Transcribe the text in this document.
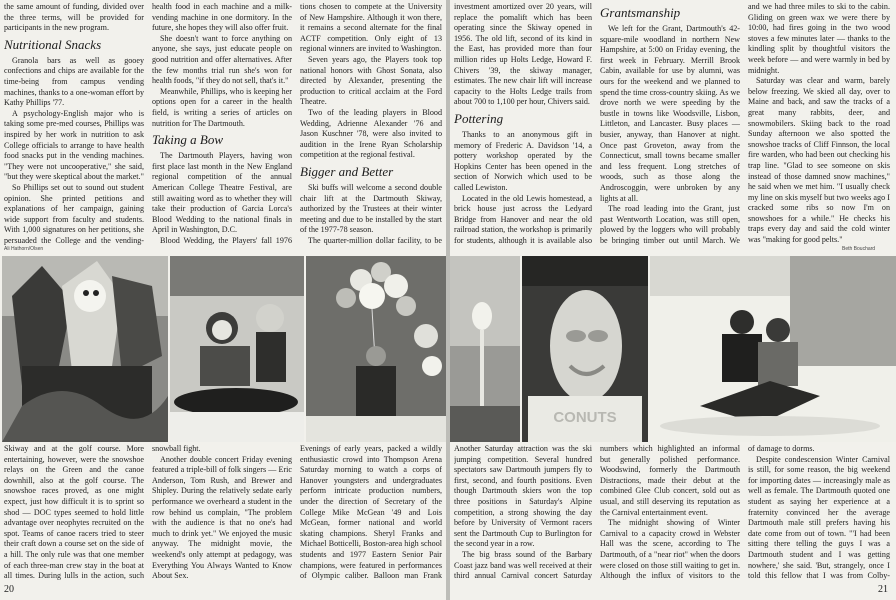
the same amount of funding, divided over the three terms, will be provided for participants in the new program.

Nutritional Snacks

Granola bars as well as gooey confections and chips are available for the time-being from campus vending machines, thanks to a one-woman effort by Kathy Phillips '77.

A psychology-English major who is taking some pre-med courses, Phillips was inspired by her work in nutrition to ask College officials to arrange to have health food snacks put in the vending machines. "They were not uncooperative," she said, "but they were skeptical about the market."

So Phillips set out to sound out student opinion. She printed petitions and explanations of her campaign, gaining wide support from faculty and students. With 1,000 signatures on her petitions, she persuaded the College and the vending-

health food in each machine and a milk-vending machine in one dormitory. In the future, she hopes they will also offer fruit.

She doesn't want to force anything on anyone, she says, just educate people on good nutrition and offer alternatives. After the few months trial run she's won for health foods, "if they do not sell, that's it."

Meanwhile, Phillips, who is keeping her options open for a career in the health field, is writing a series of articles on nutrition for The Dartmouth.

Taking a Bow

The Dartmouth Players, having won first place last month in the New England regional competition of the annual American College Theatre Festival, are still awaiting word as to whether they will take their production of Garcia Lorca's Blood Wedding to the national finals in April in Washington, D.C.

Blood Wedding, the Players' fall 1976

tions chosen to compete at the University of New Hampshire. Although it won there, it remains a second alternate for the final ACTF competition. Only eight of 13 regional winners are invited to Washington.

Seven years ago, the Players took top national honors with Ghost Sonata, also directed by Alexander, presenting the production to critical acclaim at the Ford Theatre.

Two of the leading players in Blood Wedding, Adrienne Alexander '76 and Jason Kuschner '78, were also invited to audition in the Irene Ryan Scholarship competition at the regional festival.

Bigger and Better

Ski buffs will welcome a second double chair lift at the Dartmouth Skiway, authorized by the Trustees at their winter meeting and due to be installed by the start of the 1977-78 season.

The quarter-million dollar facility, to be

Ali Hathorn/Olsen

Skiway and at the golf course. More entertaining, however, were the snowshoe relays on the Green and the canoe downhill, also at the golf course. The snowshoe races proved, as one might expect, just how difficult it is to sprint so shod — DOC types seemed to hold little advantage over neophytes recruited on the spot. Teams of canoe racers tried to steer their craft down a course set on the side of a hill. The only rule was that one member of each three-man crew stay in the boat at all times. During lulls in the action, such

snowball fight.

Another double concert Friday evening featured a triple-bill of folk singers — Eric Anderson, Tom Rush, and Brewer and Shipley. During the relatively sedate early performance we overheard a student in the row behind us complain, "The problem with the audience is that no one's had much to drink yet." We enjoyed the music anyway. The midnight movie, the weekend's only attempt at pedagogy, was Everything You Always Wanted to Know About Sex.

Evenings of early years, packed a wildly enthusiastic crowd into Thompson Arena Saturday morning to watch a corps of Hanover youngsters and undergraduates perform intricate production numbers, under the direction of Secretary of the College Mike McGean '49 and Lois McGean, former national and world skating champions. Sheryl Franks and Michael Botticelli, Boston-area high school students and 1977 Eastern Senior Pair champions, were featured in performances of Olympic caliber. Balloon man Frank

20

investment amortized over 20 years, will replace the pomalift which has been operating since the Skiway opened in 1956. The old lift, second of its kind in the East, has provided more than four million rides up Holts Ledge, Howard F. Chivers '39, the skiway manager, estimates. The new chair lift will increase capacity to the Holts Ledge trails from about 700 to 1,100 per hour, Chivers said.

Pottering

Thanks to an anonymous gift in memory of Frederic A. Davidson '14, a pottery workshop operated by the Hopkins Center has been opened in the section of Norwich which used to be called Lewiston.

Located in the old Lewis homestead, a brick house just across the Ledyard Bridge from Hanover and near the old railroad station, the workshop is primarily for students, although it is available also

Grantsmanship

We left for the Grant, Dartmouth's 42-square-mile woodland in northern New Hampshire, at 5:00 on Friday evening, the first week in February. Merrill Brook Cabin, available for use by alumni, was ours for the weekend and we planned to spend the time cross-country skiing. As we drove north we were speeding by the bustle in towns like Woodsville, Lisbon, Littleton, and Lancaster. Busy places — busier, anyway, than Hanover at night. Once past Groveton, away from the Connecticut, small towns became smaller and less frequent. Long stretches of woods, such as those along the Androscoggin, were unbroken by any lights at all.

The road leading into the Grant, just past Wentworth Location, was still open, plowed by the loggers who will probably be bringing timber out until March. We

and we had three miles to ski to the cabin. Gliding on green wax we were there by 10:00, had fires going in the two wood stoves a few minutes later — thanks to the kindling split by thoughtful visitors the week before — and were warmly in bed by midnight.

Saturday was clear and warm, barely below freezing. We skied all day, over to Maine and back, and saw the tracks of a great many rabbits, deer, and snowmobilers. Skiing back to the road Sunday afternoon we also spotted the snowshoe tracks of Cliff Finnson, the local fire warden, who had been out checking his trap line. "Glad to see someone on skis instead of those damned snow machines," he said when we met him. "I usually check my line on skis myself but two weeks ago I cracked some ribs so now I'm on snowshoes for a while." He checks his traps every day and said the cold winter was "making for good pelts."

Beth Bouchard
CONUTS

Another Saturday attraction was the ski jumping competition. Several hundred spectators saw Dartmouth jumpers fly to first, second, and fourth positions. Even though Dartmouth skiers won the top three positions in Saturday's Alpine competition, a strong showing the day before by University of Vermont racers sent the Dartmouth Cup to Burlington for the second year in a row.

The big brass sound of the Barbary Coast jazz band was well received at their third annual Carnival concert Saturday

numbers which highlighted an informal but generally polished performance. Woodswind, formerly the Dartmouth Distractions, made their debut at the combined Glee Club concert, sold out as usual, and still deserving its reputation as the Carnival entertainment event.

The midnight showing of Winter Carnival to a capacity crowd in Webster Hall was the scene, according to The Dartmouth, of a "near riot" when the doors were closed on those still waiting to get in. Although the influx of visitors to the

of damage to dorms.

Despite condescension Winter Carnival is still, for some reason, the big weekend for importing dates — increasingly male as well as female. The Dartmouth quoted one student as saying her experience at a fraternity convinced her the average Dartmouth male still prefers having his date come from out of town. "'I had been sitting there telling the guys I was a Dartmouth student and I was getting nowhere,' she said. 'But, strangely, once I told this fellow that I was from Colby-

21
